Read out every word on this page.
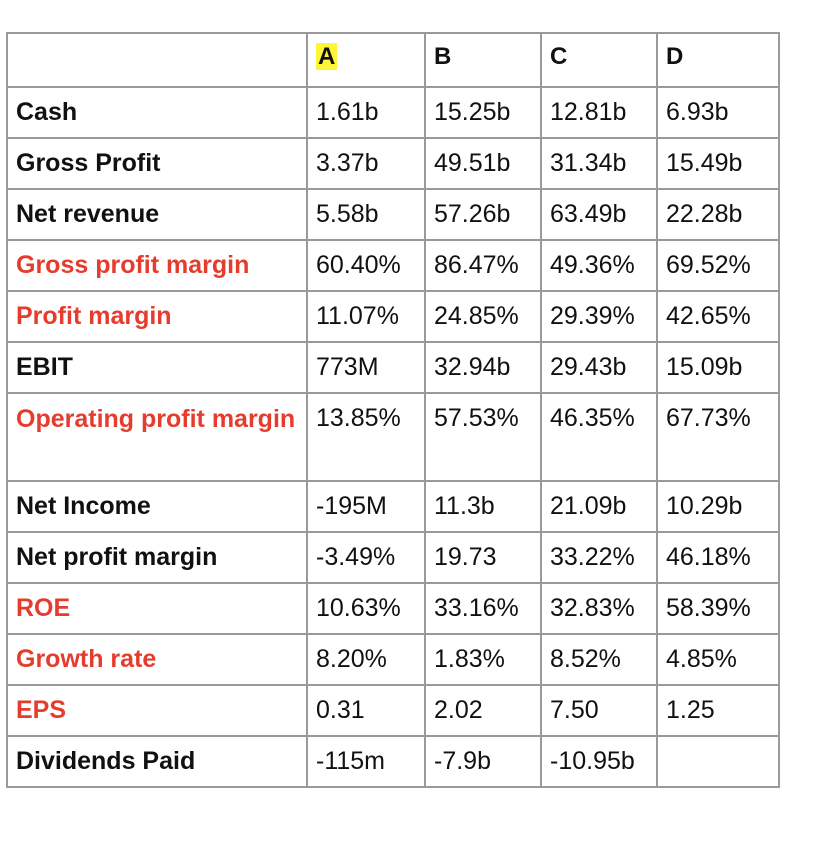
	A	B	C	D
Cash	1.61b	15.25b	12.81b	6.93b
Gross Profit	3.37b	49.51b	31.34b	15.49b
Net revenue	5.58b	57.26b	63.49b	22.28b
Gross profit margin	60.40%	86.47%	49.36%	69.52%
Profit margin	11.07%	24.85%	29.39%	42.65%
EBIT	773M	32.94b	29.43b	15.09b
Operating profit margin	13.85%	57.53%	46.35%	67.73%
Net Income	-195M	11.3b	21.09b	10.29b
Net profit margin	-3.49%	19.73	33.22%	46.18%
ROE	10.63%	33.16%	32.83%	58.39%
Growth rate	8.20%	1.83%	8.52%	4.85%
EPS	0.31	2.02	7.50	1.25
Dividends Paid	-115m	-7.9b	-10.95b	
